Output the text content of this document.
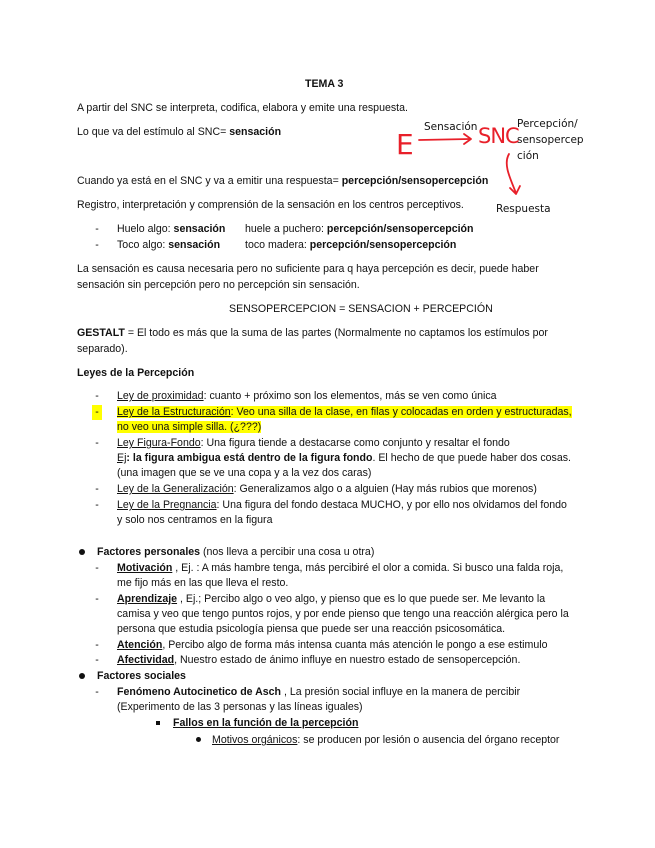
TEMA 3
A partir del SNC se interpreta, codifica, elabora y emite una respuesta.
Lo que va del estímulo al SNC= sensación	E
Sensación SNC
Percepción/
sensopercep
ción
Respuesta
Cuando ya está en el SNC y va a emitir una respuesta= percepción/sensopercepción
Registro, interpretación y comprensión de la sensación en los centros perceptivos.
-	Huelo algo: sensación huele a puchero: percepción/sensopercepción
-	Toco algo: sensación toco madera: percepción/sensopercepción
La sensación es causa necesaria pero no suficiente para q haya percepción es decir, puede haber
sensación sin percepción pero no percepción sin sensación.
SENSOPERCEPCION = SENSACION + PERCEPCIÓN
GESTALT = El todo es más que la suma de las partes (Normalmente no captamos los estímulos por
separado).
Leyes de la Percepción
-	Ley de proximidad: cuanto + próximo son los elementos, más se ven como única
-	Ley de la Estructuración: Veo una silla de la clase, en filas y colocadas en orden y estructuradas,
no veo una simple silla. (¿???)
-	Ley Figura-Fondo: Una figura tiende a destacarse como conjunto y resaltar el fondo
Ej: la figura ambigua está dentro de la figura fondo. El hecho de que puede haber dos cosas.
(una imagen que se ve una copa y a la vez dos caras)
-	Ley de la Generalización: Generalizamos algo o a alguien (Hay más rubios que morenos)
-	Ley de la Pregnancia: Una figura del fondo destaca MUCHO, y por ello nos olvidamos del fondo
y solo nos centramos en la figura
Factores personales (nos lleva a percibir una cosa u otra)
-	Motivación , Ej. : A más hambre tenga, más percibiré el olor a comida. Si busco una falda roja,
me fijo más en las que lleva el resto.
-	Aprendizaje , Ej.; Percibo algo o veo algo, y pienso que es lo que puede ser. Me levanto la
camisa y veo que tengo puntos rojos, y por ende pienso que tengo una reacción alérgica pero la
persona que estudia psicología piensa que puede ser una reacción psicosomática.
-	Atención, Percibo algo de forma más intensa cuanta más atención le pongo a ese estimulo
-	Afectividad, Nuestro estado de ánimo influye en nuestro estado de sensopercepción.
Factores sociales
-	Fenómeno Autocinetico de Asch , La presión social influye en la manera de percibir
(Experimento de las 3 personas y las líneas iguales)
Fallos en la función de la percepción
Motivos orgánicos: se producen por lesión o ausencia del órgano receptor
